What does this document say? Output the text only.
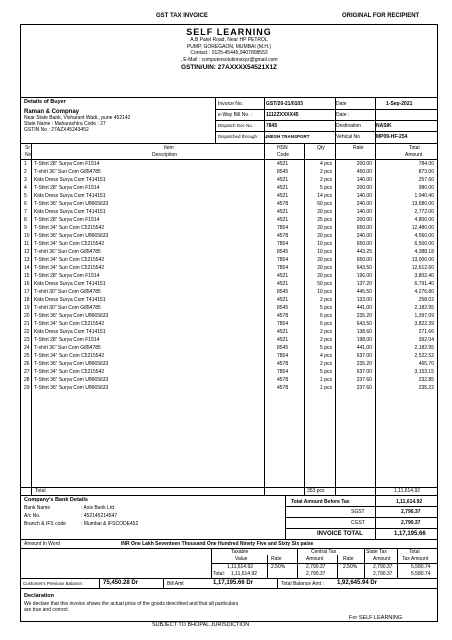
GST TAX INVOICE	ORIGINAL FOR RECIPIENT
SELF LEARNING
A.B Patel Road, Near HP PETROL
PUMP, GOREGAON, MUMBAI (M.H.)
Contact : 0125-45445,9407808553
, E-Mail : computersolutionsxyz@gmail.com
GSTIN/UIN: 27AXXXX54521X1Z
Details of Buyer
Raman & Compnay
Near State Bank, Visharant Wadi,, pune 452142
State Name : Maharashtra Code : 27
GSTIN No : 27AZX45243452
Invoice No.	GST/20-21/0103	Date	1-Sep-2021
e-Way Bill No. :	1112ZXXXX45	Date :
Dispatch Doc No. : 7845	Destination	NASIK
Dispatched through : UMESH TRANSPORT	Vehical No	MP09-HF-254
Sr
No
Item
Description
HSN
Code
Qty	Rate	Total
Amount
1 T-Shirt 28" Surya Com F1514	4521	4 pcs	200.00	784.00
2 T-shirt 36" Sun Com G854785	8545	2 pcs	450.00	873.00
3 Kids Dress Surya Com T414151	4521	2 pcs	140.00	257.60
4 T-Shirt 28" Surya Com F1514	4521	5 pcs	200.00	980.00
5 Kids Dress Surya Com T414151	4521	14 pcs	140.00	1,940.40
6 T-Shirt 36" Surya Com U8665633	4578	60 pcs	240.00	13,680.00
7 Kids Dress Surya Com T414151	4521	20 pcs	140.00	2,772.00
8 T-Shirt 28" Surya Com F1514	4521	25 pcs	200.00	4,800.00
9 T-Shirt 34" Sun Com C5215542	7854	20 pcs	650.00	12,480.00
10 T-Shirt 36" Surya Com U8665633	4578	20 pcs	240.00	4,560.00
11 T-Shirt 34" Sun Com C5215542	7854	10 pcs	650.00	6,500.00
12 T-shirt 36" Sun Com G854785	8545	10 pcs	443.25	4,388.18
13 T-Shirt 34" Sun Com C5215542	7854	20 pcs	650.00	13,000.00
14 T-Shirt 34" Sun Com C5215542	7854	20 pcs	643.50	12,612.60
15 T-Shirt 28" Surya Com F1514	4521	20 pcs	196.00	3,802.40
16 Kids Dress Surya Com T414151	4521	50 pcs	137.20	6,791.40
17 T-shirt 30" Sun Com G854785	8545	10 pcs	445.50	4,276.80
18 Kids Dress Surya Com T414151	4521	2 pcs	133.00	258.02
19 T-shirt 30" Sun Com G854785	8545	5 pcs	441.00	2,182.95
20 T-Shirt 36" Surya Com U8665633	4578	6 pcs	235.20	1,397.09
21 T-Shirt 34" Sun Com C5215542	7854	6 pcs	643.50	3,822.39
22 Kids Dress Surya Com T414151	4521	2 pcs	138.60	271.66
23 T-Shirt 28" Surya Com F1514	4521	2 pcs	198.00	392.04
24 T-shirt 36" Sun Com G854785	8545	5 pcs	441.00	2,182.95
25 T-Shirt 34" Sun Com C5215542	7854	4 pcs	637.00	2,522.52
26 T-Shirt 36" Surya Com U8665633	4578	2 pcs	235.20	465.70
27 T-Shirt 34" Sun Com C5215542	7854	5 pcs	637.00	3,153.15
28 T-Shirt 36" Surya Com U8665633	4578	1 pcs	237.60	232.85
29 T-Shirt 36" Surya Com U8665633	4578	1 pcs	237.60	235.22
Total	353 pcs	1,11,614.92
Company's Bank Details
Bank Name	: Axis Bank Ltd
A/c No.	: 452145214547
Branch & IFS code	: Mumbai & IFSCODE452
Total Amount Before Tax	1,11,614.92
SGST	2,790.37
CGST	2,790.37
INVOICE TOTAL	1,17,195.66
Amount In Word	INR One Lakh Seventeen Thousand One Hundred Ninety Five and Sixty Six paise
Taxable	Central Tax	State Tax	Total
Value	Rate	Amount	Rate	Amount Tax Amount
1,11,614.92	2.50%	2,790.37	2.50%	2,790.37	5,580.74
Total: 1,11,614.92	2,790.37	2,790.37	5,580.74
Customer's Previous Balance :	75,450.28 Dr	Bill Amt	1,17,195.66 Dr	Total Balance Amt : 1,92,645.94 Dr
Declaration
We declare that this invoice shows the actual price of the goods described and that all particulars
are true and correct.
For SELF LEARNING
SUBJECT TO BHOPAL JURISDICTION
